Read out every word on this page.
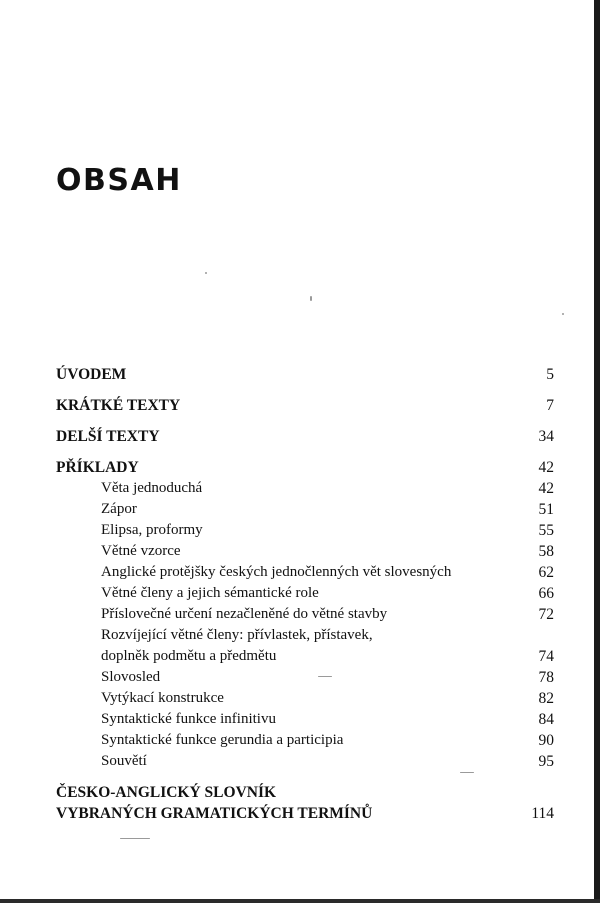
OBSAH
ÚVODEM	5
KRÁTKÉ TEXTY	7
DELŠÍ TEXTY	34
PŘÍKLADY	42
Věta jednoduchá	42
Zápor	51
Elipsa, proformy	55
Větné vzorce	58
Anglické protějšky českých jednočlenných vět slovesných	62
Větné členy a jejich sémantické role	66
Příslovečné určení nezačleněné do větné stavby	72
Rozvíjející větné členy: přívlastek, přístavek,
doplněk podmětu a předmětu	74
Slovosled	78
Vytýkací konstrukce	82
Syntaktické funkce infinitivu	84
Syntaktické funkce gerundia a participia	90
Souvětí	95
ČESKO-ANGLICKÝ SLOVNÍK
VYBRANÝCH GRAMATICKÝCH TERMÍNŮ	114
